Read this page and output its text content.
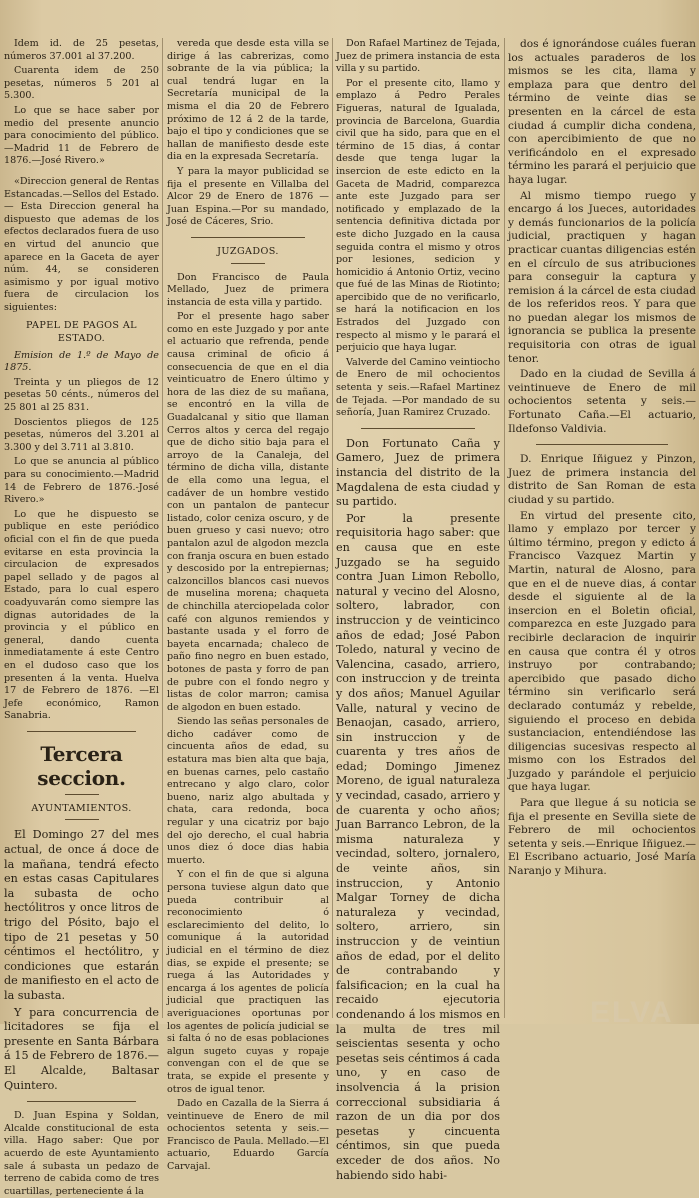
Idem id. de 25 pesetas, números 37.001 al 37.200.

Cuarenta idem de 250 pesetas, números 5 201 al 5.300.

Lo que se hace saber por medio del presente anuncio para conocimiento del público.—Madrid 11 de Febrero de 1876.—José Rivero.»

«Direccion general de Rentas Estancadas.—Sellos del Estado.— Esta Direccion general ha dispuesto que ademas de los efectos declarados fuera de uso en virtud del anuncio que aparece en la Gaceta de ayer núm. 44, se consideren asimismo y por igual motivo fuera de circulacion los siguientes:

PAPEL DE PAGOS AL ESTADO.

Emision de 1.º de Mayo de 1875.

Treinta y un pliegos de 12 pesetas 50 cénts., números del 25 801 al 25 831.

Doscientos pliegos de 125 pesetas, números del 3.201 al 3.300 y del 3.711 al 3.810.

Lo que se anuncia al público para su conocimiento.—Madrid 14 de Febrero de 1876.-José Rivero.»

Lo que he dispuesto se publique en este periódico oficial con el fin de que pueda evitarse en esta provincia la circulacion de expresados papel sellado y de pagos al Estado, para lo cual espero coadyuvarán como siempre las dignas autoridades de la provincia y el público en general, dando cuenta inmediatamente á este Centro en el dudoso caso que los presenten á la venta. Huelva 17 de Febrero de 1876. —El Jefe económico, Ramon Sanabria.

Tercera seccion.

AYUNTAMIENTOS.

El Domingo 27 del mes actual, de once á doce de la mañana, tendrá efecto en estas casas Capitulares la subasta de ocho hectólitros y once litros de trigo del Pósito, bajo el tipo de 21 pesetas y 50 céntimos el hectólitro, y condiciones que estarán de manifiesto en el acto de la subasta.

Y para concurrencia de licitadores se fija el presente en Santa Bárbara á 15 de Febrero de 1876.—El Alcalde, Baltasar Quintero.

D. Juan Espina y Soldan, Alcalde constitucional de esta villa. Hago saber: Que por acuerdo de este Ayuntamiento sale á subasta un pedazo de terreno de cabida como de tres cuartillas, perteneciente á la

vereda que desde esta villa se dirige á las cabrerizas, como sobrante de la via pública; la cual tendrá lugar en la Secretaría municipal de la misma el dia 20 de Febrero próximo de 12 á 2 de la tarde, bajo el tipo y condiciones que se hallan de manifiesto desde este dia en la expresada Secretaría.

Y para la mayor publicidad se fija el presente en Villalba del Alcor 29 de Enero de 1876 —Juan Espina.—Por su mandado, José de Cáceres, Srio.

JUZGADOS.

Don Francisco de Paula Mellado, Juez de primera instancia de esta villa y partido.

Por el presente hago saber como en este Juzgado y por ante el actuario que refrenda, pende causa criminal de oficio á consecuencia de que en el dia veinticuatro de Enero último y hora de las diez de su mañana, se encontró en la villa de Guadalcanal y sitio que llaman Cerros altos y cerca del regajo que de dicho sitio baja para el arroyo de la Canaleja, del término de dicha villa, distante de ella como una legua, el cadáver de un hombre vestido con un pantalon de pantecur listado, color ceniza oscuro, y de buen grueso y casi nuevo; otro pantalon azul de algodon mezcla con franja oscura en buen estado y descosido por la entrepiernas; calzoncillos blancos casi nuevos de muselina morena; chaqueta de chinchilla aterciopelada color café con algunos remiendos y bastante usada y el forro de bayeta encarnada; chaleco de paño fino negro en buen estado, botones de pasta y forro de pan de pubre con el fondo negro y listas de color marron; camisa de algodon en buen estado.

Siendo las señas personales de dicho cadáver como de cincuenta años de edad, su estatura mas bien alta que baja, en buenas carnes, pelo castaño entrecano y algo claro, color bueno, nariz algo abultada y chata, cara redonda, boca regular y una cicatriz por bajo del ojo derecho, el cual habria unos diez ó doce dias habia muerto.

Y con el fin de que si alguna persona tuviese algun dato que pueda contribuir al reconocimiento ó esclarecimiento del delito, lo comunique á la autoridad judicial en el término de diez dias, se expide el presente; se ruega á las Autoridades y encarga á los agentes de policía judicial que practiquen las averiguaciones oportunas por los agentes de policía judicial se si falta ó no de esas poblaciones algun sugeto cuyas y ropaje convengan con el de que se trata, se expide el presente y otros de igual tenor.

Dado en Cazalla de la Sierra á veintinueve de Enero de mil ochocientos setenta y seis.—Francisco de Paula. Mellado.—El actuario, Eduardo García Carvajal.

Don Rafael Martinez de Tejada, Juez de primera instancia de esta villa y su partido.

Por el presente cito, llamo y emplazo á Pedro Perales Figueras, natural de Igualada, provincia de Barcelona, Guardia civil que ha sido, para que en el término de 15 dias, á contar desde que tenga lugar la insercion de este edicto en la Gaceta de Madrid, comparezca ante este Juzgado para ser notificado y emplazado de la sentencia definitiva dictada por este dicho Juzgado en la causa seguida contra el mismo y otros por lesiones, sedicion y homicidio á Antonio Ortiz, vecino que fué de las Minas de Riotinto; apercibido que de no verificarlo, se hará la notificacion en los Estrados del Juzgado con respecto al mismo y le parará el perjuicio que haya lugar.

Valverde del Camino veintiocho de Enero de mil ochocientos setenta y seis.—Rafael Martinez de Tejada. —Por mandado de su señoría, Juan Ramirez Cruzado.

Don Fortunato Caña y Gamero, Juez de primera instancia del distrito de la Magdalena de esta ciudad y su partido.

Por la presente requisitoria hago saber: que en causa que en este Juzgado se ha seguido contra Juan Limon Rebollo, natural y vecino del Alosno, soltero, labrador, con instruccion y de veinticinco años de edad; José Pabon Toledo, natural y vecino de Valencina, casado, arriero, con instruccion y de treinta y dos años; Manuel Aguilar Valle, natural y vecino de Benaojan, casado, arriero, sin instruccion y de cuarenta y tres años de edad; Domingo Jimenez Moreno, de igual naturaleza y vecindad, casado, arriero y de cuarenta y ocho años; Juan Barranco Lebron, de la misma naturaleza y vecindad, soltero, jornalero, de veinte años, sin instruccion, y Antonio Malgar Torney de dicha naturaleza y vecindad, soltero, arriero, sin instruccion y de veintiun años de edad, por el delito de contrabando y falsificacion; en la cual ha recaido ejecutoria condenando á los mismos en la multa de tres mil seiscientas sesenta y ocho pesetas seis céntimos á cada uno, y en caso de insolvencia á la prision correccional subsidiaria á razon de un dia por dos pesetas y cincuenta céntimos, sin que pueda exceder de dos años. No habiendo sido habi-

dos é ignorándose cuáles fueran los actuales paraderos de los mismos se les cita, llama y emplaza para que dentro del término de veinte dias se presenten en la cárcel de esta ciudad á cumplir dicha condena, con apercibimiento de que no verificándolo en el expresado término les parará el perjuicio que haya lugar.

Al mismo tiempo ruego y encargo á los Jueces, autoridades y demás funcionarios de la policía judicial, practiquen y hagan practicar cuantas diligencias estén en el círculo de sus atribuciones para conseguir la captura y remision á la cárcel de esta ciudad de los referidos reos. Y para que no puedan alegar los mismos de ignorancia se publica la presente requisitoria con otras de igual tenor.

Dado en la ciudad de Sevilla á veintinueve de Enero de mil ochocientos setenta y seis.—Fortunato Caña.—El actuario, Ildefonso Valdivia.

D. Enrique Iñiguez y Pinzon, Juez de primera instancia del distrito de San Roman de esta ciudad y su partido.

En virtud del presente cito, llamo y emplazo por tercer y último término, pregon y edicto á Francisco Vazquez Martin y Martin, natural de Alosno, para que en el de nueve dias, á contar desde el siguiente al de la insercion en el Boletin oficial, comparezca en este Juzgado para recibirle declaracion de inquirir en causa que contra él y otros instruyo por contrabando; apercibido que pasado dicho término sin verificarlo será declarado contumáz y rebelde, siguiendo el proceso en debida sustanciacion, entendiéndose las diligencias sucesivas respecto al mismo con los Estrados del Juzgado y parándole el perjuicio que haya lugar.

Para que llegue á su noticia se fija el presente en Sevilla siete de Febrero de mil ochocientos setenta y seis.—Enrique Iñiguez.—El Escribano actuario, José María Naranjo y Mihura.

ELVA
